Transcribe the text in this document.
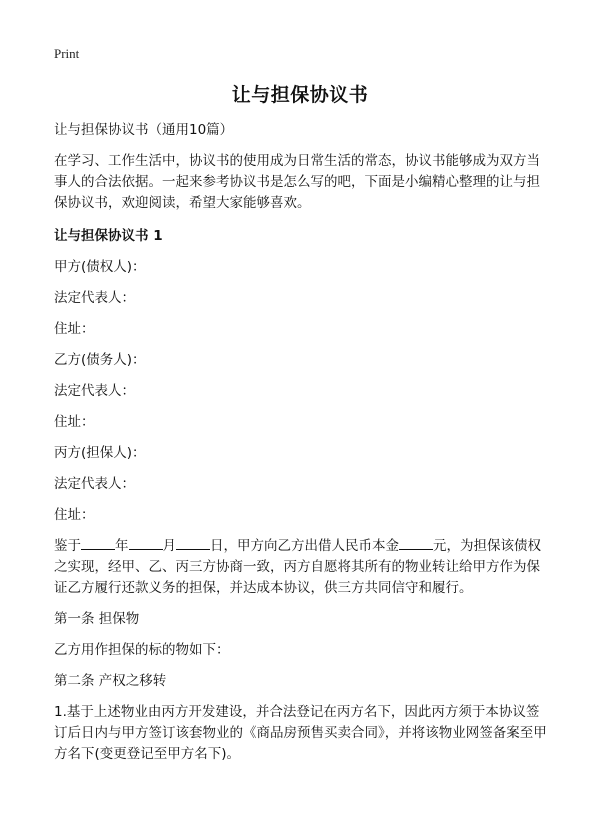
Print
让与担保协议书

让与担保协议书（通用10篇）

在学习、工作生活中，协议书的使用成为日常生活的常态，协议书能够成为双方当事人的合法依据。一起来参考协议书是怎么写的吧，下面是小编精心整理的让与担保协议书，欢迎阅读，希望大家能够喜欢。

让与担保协议书 1

甲方(债权人)：

法定代表人：

住址：

乙方(债务人)：

法定代表人：

住址：

丙方(担保人)：

法定代表人：

住址：

鉴于	年	月	日，甲方向乙方出借人民币本金	元，为担保该债权之实现，经甲、乙、丙三方协商一致，丙方自愿将其所有的物业转让给甲方作为保证乙方履行还款义务的担保，并达成本协议，供三方共同信守和履行。

第一条 担保物

乙方用作担保的标的物如下：

第二条 产权之移转

1.基于上述物业由丙方开发建设，并合法登记在丙方名下，因此丙方须于本协议签订后日内与甲方签订该套物业的《商品房预售买卖合同》，并将该物业网签备案至甲方名下(变更登记至甲方名下)。
